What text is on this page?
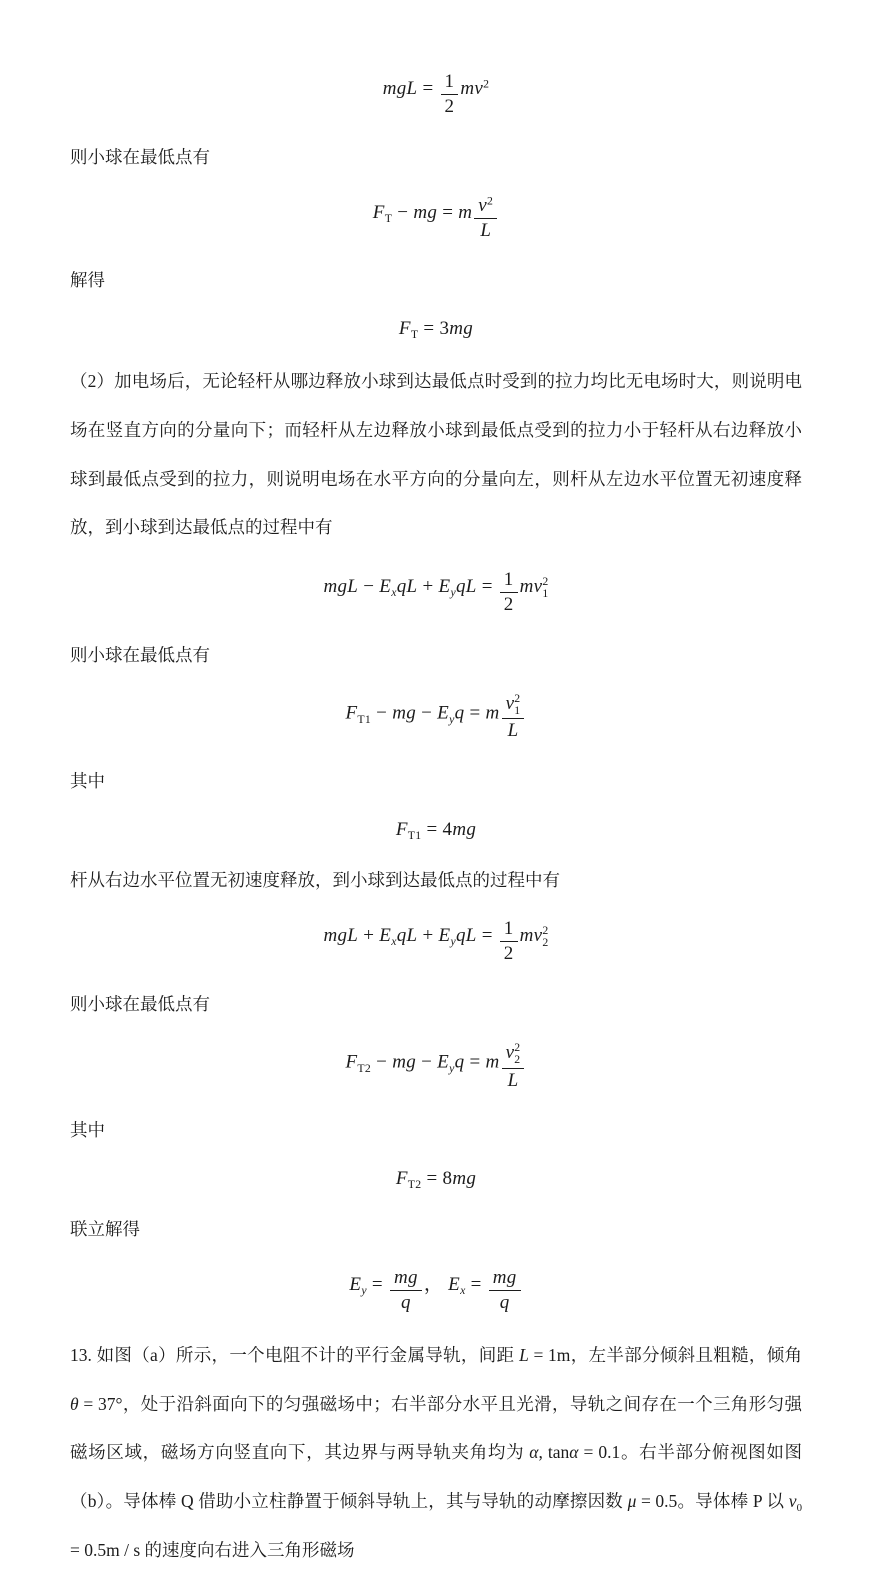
mgL = $\frac{1}{2} mv^2$
则小球在最低点有
$F_T$ − mg = m $\frac{v^2}{L}$
解得
$F_T = 3mg$
（2）加电场后，无论轻杆从哪边释放小球到达最低点时受到的拉力均比无电场时大，则说明电场在竖直方向的分量向下；而轻杆从左边释放小球到最低点受到的拉力小于轻杆从右边释放小球到最低点受到的拉力，则说明电场在水平方向的分量向左，则杆从左边水平位置无初速度释放，到小球到达最低点的过程中有
mgL − $E_xqL + E_yqL = \frac{1}{2}$ mv 2
1
则小球在最低点有
$F_{T1}$ − mg − $E_yq = m$ v 2
1
L
其中
$F_{T1} = 4mg$
杆从右边水平位置无初速度释放，到小球到达最低点的过程中有
mgL + $E_xqL + E_yqL = \frac{1}{2}$ mv 2
2
则小球在最低点有
$F_{T2}$ − mg − $E_yq = m$ v 2
2
L
其中
$F_{T2} = 8mg$
联立解得
$E_y = \frac{mg}{q}$ ， $E_x = \frac{mg}{q}$
13. 如图（a）所示，一个电阻不计的平行金属导轨，间距 L = 1m，左半部分倾斜且粗糙，倾角 θ = 37°，处于沿斜面向下的匀强磁场中；右半部分水平且光滑，导轨之间存在一个三角形匀强磁场区域，磁场方向竖直向下，其边界与两导轨夹角均为 α, tanα = 0.1。右半部分俯视图如图（b）。导体棒 Q 借助小立柱静置于倾斜导轨上，其与导轨的动摩擦因数 μ = 0.5。导体棒 P 以 $v_0 = 0.5m / s$ 的速度向右进入三角形磁场
